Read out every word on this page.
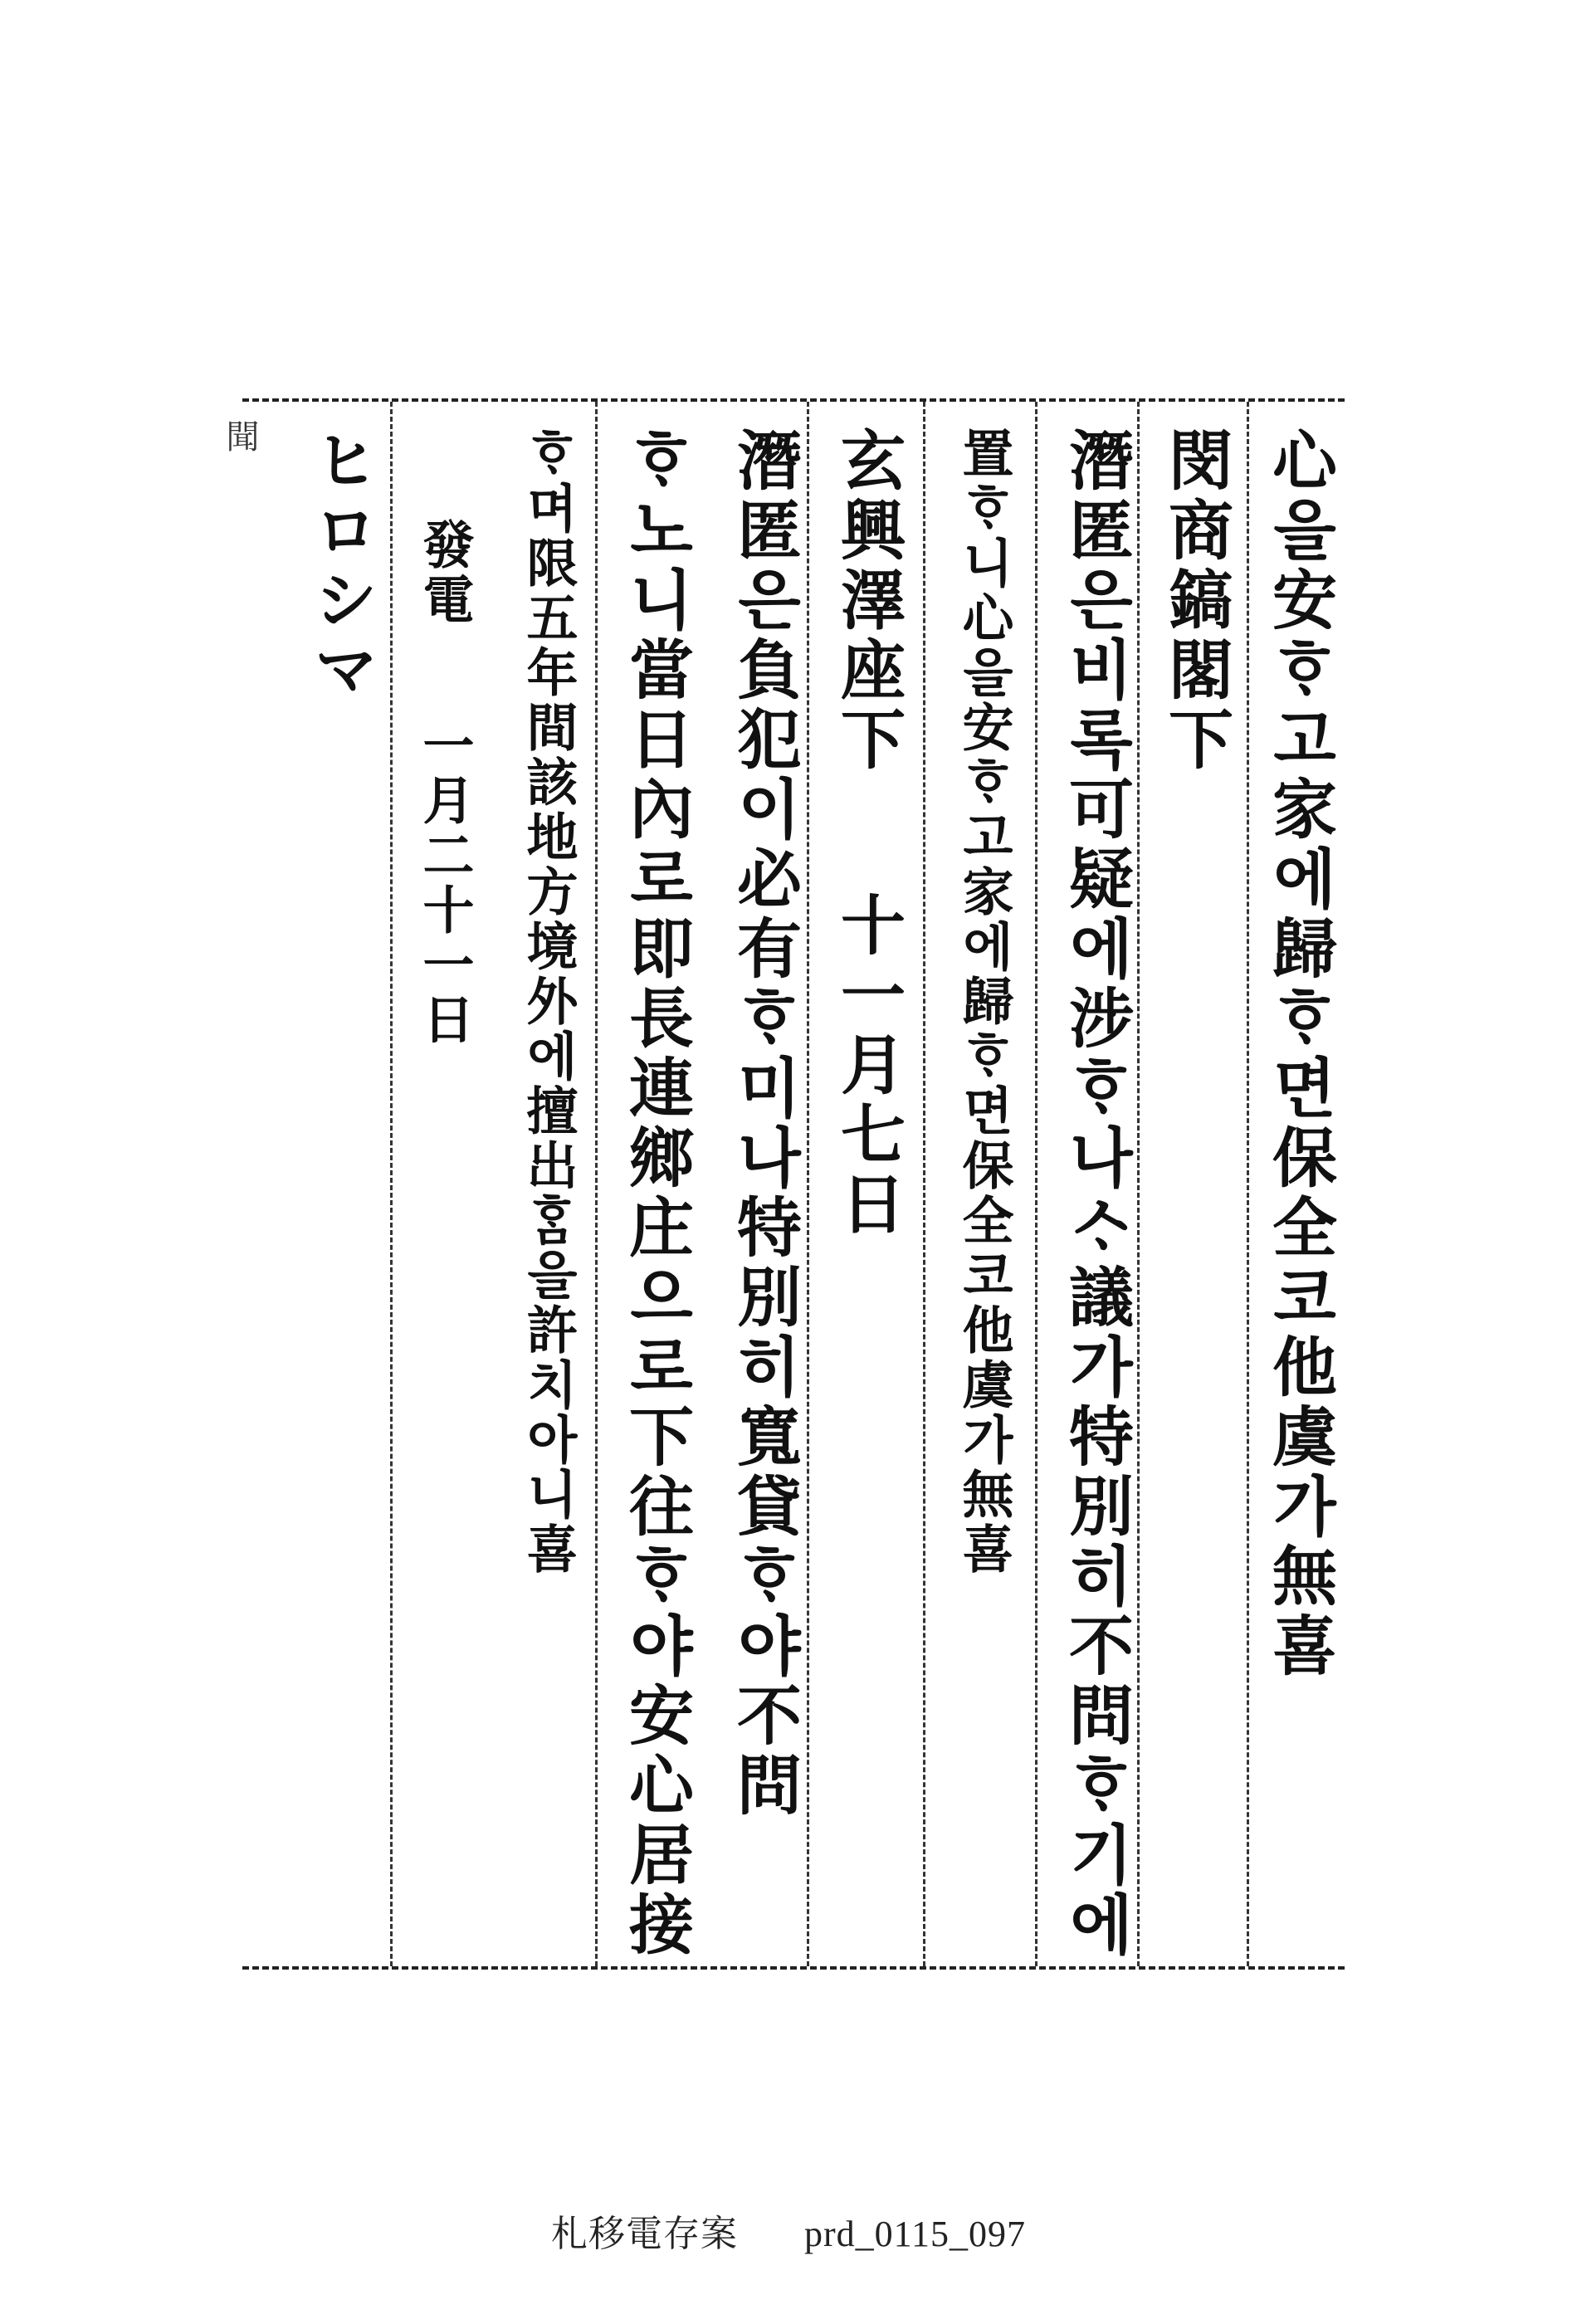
聞	心을安ᄒᆞ고家에歸ᄒᆞ면保全코他虞가無喜
閔商鎬閣下
潛匿은비록可疑에涉ᄒᆞ나ᄉᆞ議가特別히不問ᄒᆞ기에
置ᄒᆞ니心을安ᄒᆞ고家에歸ᄒᆞ면保全코他虞가無喜
玄興澤座下十一月七日
潛匿은負犯이必有ᄒᆞ미나特別히寬貸ᄒᆞ야不問
ᄒᆞ노니當日內로即長連鄉庄으로下往ᄒᆞ야安心居接
ᄒᆞ며限五年間該地方境外에擅出ᄒᆞᆷ을許치아니喜
發電一月二十一日
ヒロシマ
札移電存案 prd_0115_097
